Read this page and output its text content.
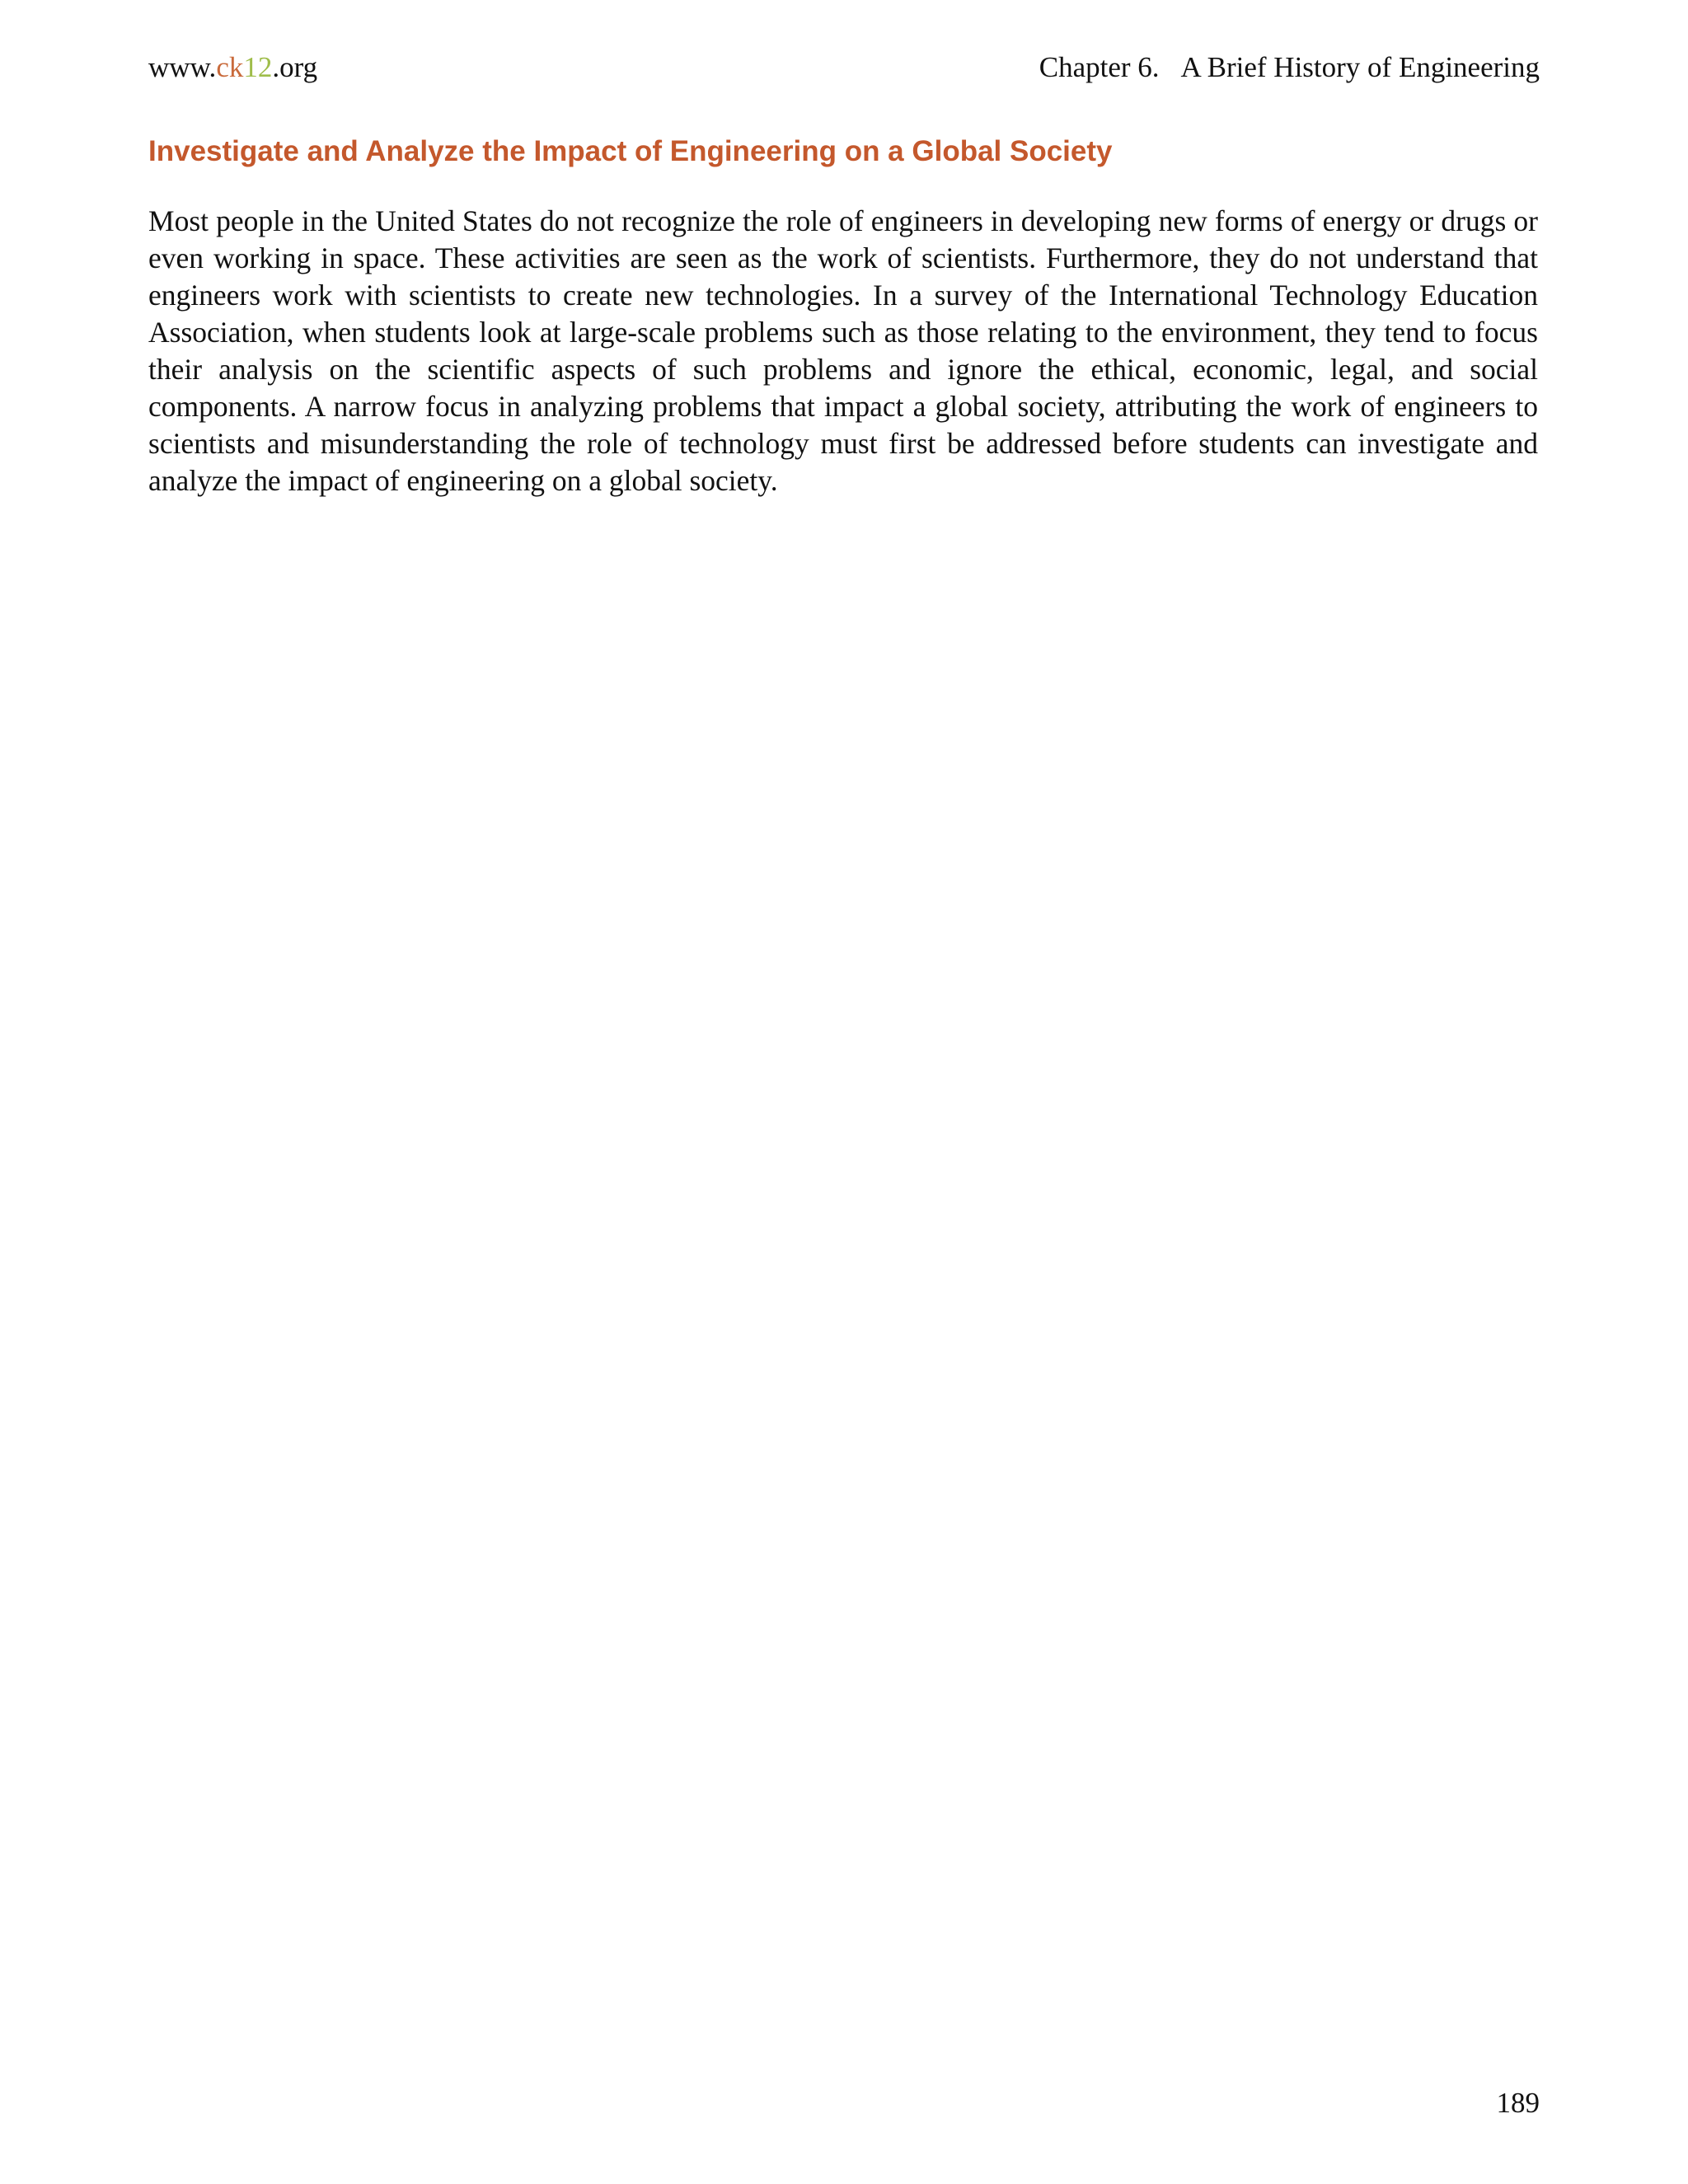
www.ck12.org	Chapter 6. A Brief History of Engineering
Investigate and Analyze the Impact of Engineering on a Global Society

Most people in the United States do not recognize the role of engineers in developing new forms of energy or drugs or even working in space. These activities are seen as the work of scientists. Furthermore, they do not understand that engineers work with scientists to create new technologies. In a survey of the International Technology Education Association, when students look at large-scale problems such as those relating to the environment, they tend to focus their analysis on the scientific aspects of such problems and ignore the ethical, economic, legal, and social components. A narrow focus in analyzing problems that impact a global society, attributing the work of engineers to scientists and misunderstanding the role of technology must first be addressed before students can investigate and analyze the impact of engineering on a global society.

189
